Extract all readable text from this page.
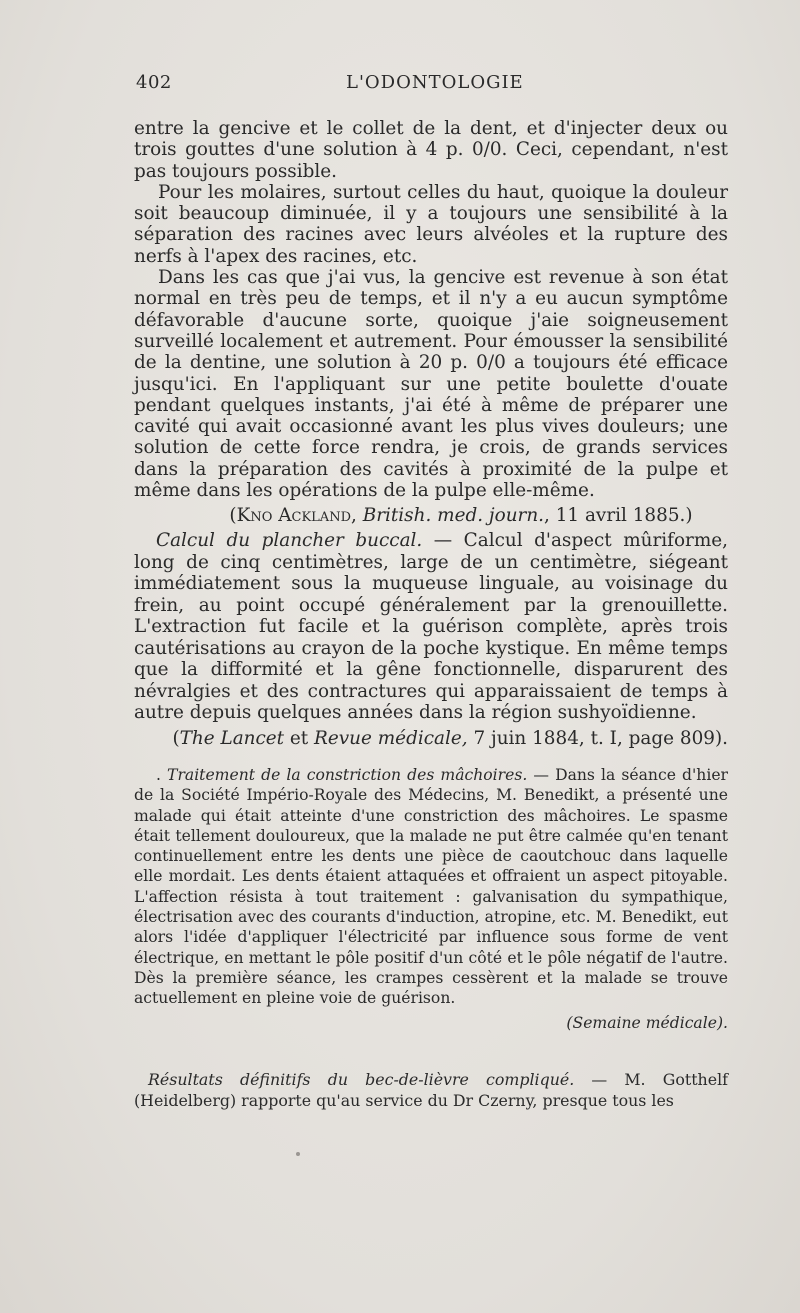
402	L'ODONTOLOGIE

entre la gencive et le collet de la dent, et d'injecter deux ou trois gouttes d'une solution à 4 p. 0/0. Ceci, cependant, n'est pas toujours possible.

Pour les molaires, surtout celles du haut, quoique la douleur soit beaucoup diminuée, il y a toujours une sensibilité à la séparation des racines avec leurs alvéoles et la rupture des nerfs à l'apex des racines, etc.

Dans les cas que j'ai vus, la gencive est revenue à son état normal en très peu de temps, et il n'y a eu aucun symptôme défavorable d'aucune sorte, quoique j'aie soigneusement surveillé localement et autrement. Pour émousser la sensibilité de la dentine, une solution à 20 p. 0/0 a toujours été efficace jusqu'ici. En l'appliquant sur une petite boulette d'ouate pendant quelques instants, j'ai été à même de préparer une cavité qui avait occasionné avant les plus vives douleurs; une solution de cette force rendra, je crois, de grands services dans la préparation des cavités à proximité de la pulpe et même dans les opérations de la pulpe elle-même.

(Kno Ackland, British. med. journ., 11 avril 1885.)

Calcul du plancher buccal. — Calcul d'aspect mûriforme, long de cinq centimètres, large de un centimètre, siégeant immédiatement sous la muqueuse linguale, au voisinage du frein, au point occupé généralement par la grenouillette. L'extraction fut facile et la guérison complète, après trois cautérisations au crayon de la poche kystique. En même temps que la difformité et la gêne fonctionnelle, disparurent des névralgies et des contractures qui apparaissaient de temps à autre depuis quelques années dans la région sushyoïdienne.

(The Lancet et Revue médicale, 7 juin 1884, t. I, page 809).

. Traitement de la constriction des mâchoires. — Dans la séance d'hier de la Société Império-Royale des Médecins, M. Benedikt, a présenté une malade qui était atteinte d'une constriction des mâchoires. Le spasme était tellement douloureux, que la malade ne put être calmée qu'en tenant continuellement entre les dents une pièce de caoutchouc dans laquelle elle mordait. Les dents étaient attaquées et offraient un aspect pitoyable. L'affection résista à tout traitement : galvanisation du sympathique, électrisation avec des courants d'induction, atropine, etc. M. Benedikt, eut alors l'idée d'appliquer l'électricité par influence sous forme de vent électrique, en mettant le pôle positif d'un côté et le pôle négatif de l'autre. Dès la première séance, les crampes cessèrent et la malade se trouve actuellement en pleine voie de guérison.

(Semaine médicale).

Résultats définitifs du bec-de-lièvre compliqué. — M. Gotthelf (Heidelberg) rapporte qu'au service du Dr Czerny, presque tous les
